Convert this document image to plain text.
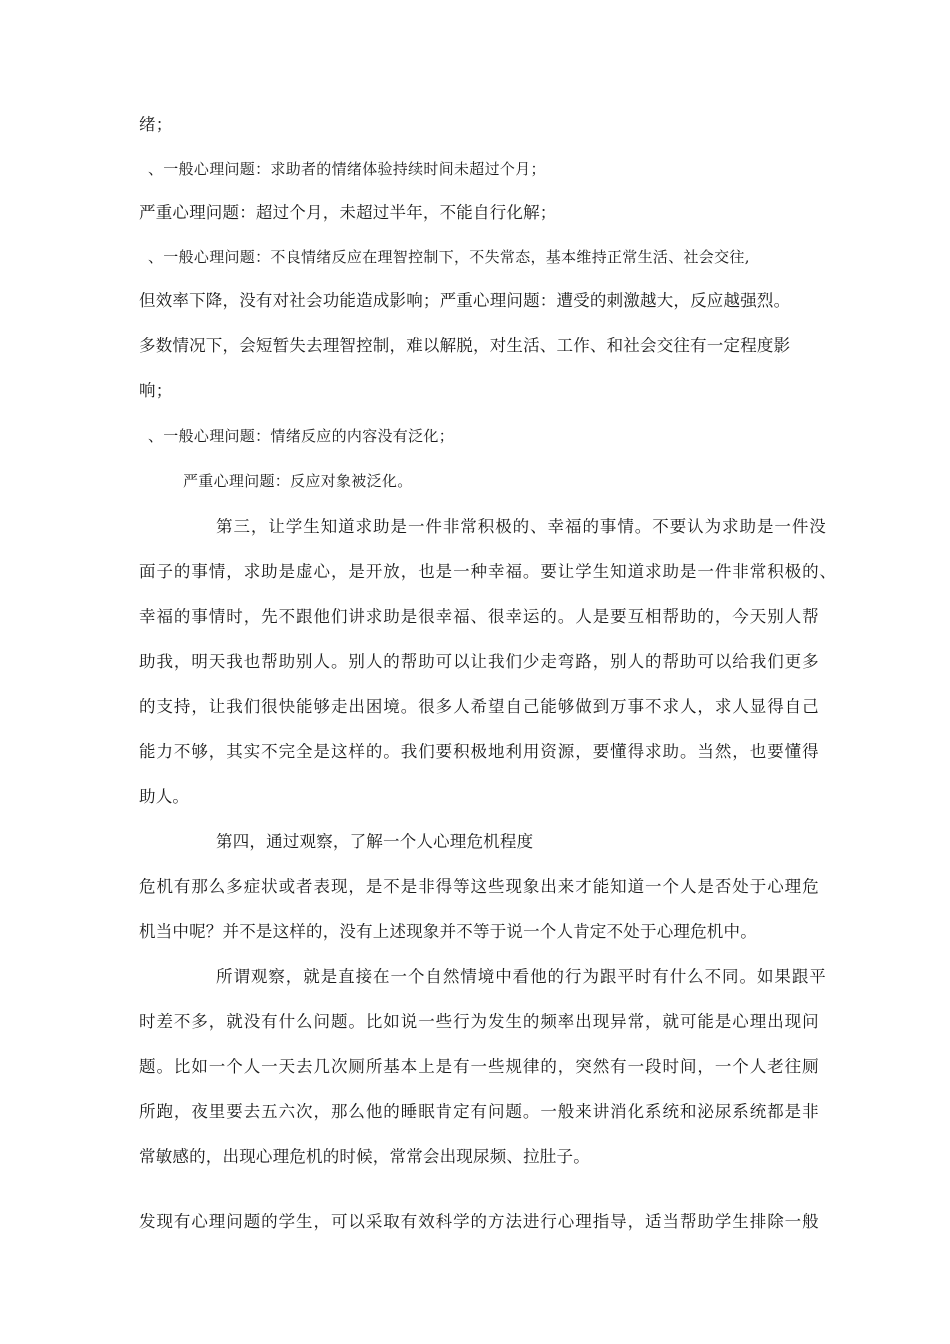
绪；
、一般心理问题：求助者的情绪体验持续时间未超过个月；
严重心理问题：超过个月，未超过半年，不能自行化解；
、一般心理问题：不良情绪反应在理智控制下，不失常态，基本维持正常生活、社会交往,
但效率下降，没有对社会功能造成影响；严重心理问题：遭受的刺激越大，反应越强烈。
多数情况下，会短暂失去理智控制，难以解脱，对生活、工作、和社会交往有一定程度影
响；
、一般心理问题：情绪反应的内容没有泛化；
严重心理问题：反应对象被泛化。
第三，让学生知道求助是一件非常积极的、幸福的事情。不要认为求助是一件没
面子的事情，求助是虚心，是开放，也是一种幸福。要让学生知道求助是一件非常积极的、
幸福的事情时，先不跟他们讲求助是很幸福、很幸运的。人是要互相帮助的，今天别人帮
助我，明天我也帮助别人。别人的帮助可以让我们少走弯路，别人的帮助可以给我们更多
的支持，让我们很快能够走出困境。很多人希望自己能够做到万事不求人，求人显得自己
能力不够，其实不完全是这样的。我们要积极地利用资源，要懂得求助。当然，也要懂得
助人。
第四，通过观察，了解一个人心理危机程度
危机有那么多症状或者表现，是不是非得等这些现象出来才能知道一个人是否处于心理危
机当中呢？并不是这样的，没有上述现象并不等于说一个人肯定不处于心理危机中。
所谓观察，就是直接在一个自然情境中看他的行为跟平时有什么不同。如果跟平
时差不多，就没有什么问题。比如说一些行为发生的频率出现异常，就可能是心理出现问
题。比如一个人一天去几次厕所基本上是有一些规律的，突然有一段时间，一个人老往厕
所跑，夜里要去五六次，那么他的睡眠肯定有问题。一般来讲消化系统和泌尿系统都是非
常敏感的，出现心理危机的时候，常常会出现尿频、拉肚子。
发现有心理问题的学生，可以采取有效科学的方法进行心理指导，适当帮助学生排除一般
